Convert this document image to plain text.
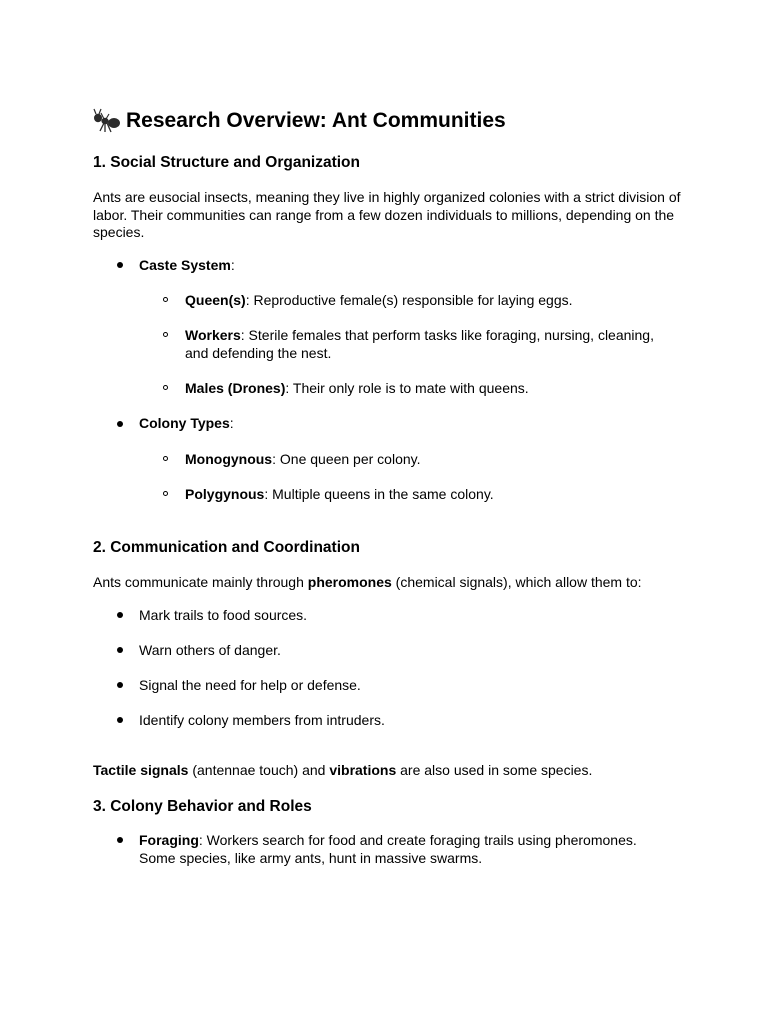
Research Overview: Ant Communities
1. Social Structure and Organization
Ants are eusocial insects, meaning they live in highly organized colonies with a strict division of labor. Their communities can range from a few dozen individuals to millions, depending on the species.
Caste System:
Queen(s): Reproductive female(s) responsible for laying eggs.
Workers: Sterile females that perform tasks like foraging, nursing, cleaning, and defending the nest.
Males (Drones): Their only role is to mate with queens.
Colony Types:
Monogynous: One queen per colony.
Polygynous: Multiple queens in the same colony.
2. Communication and Coordination
Ants communicate mainly through pheromones (chemical signals), which allow them to:
Mark trails to food sources.
Warn others of danger.
Signal the need for help or defense.
Identify colony members from intruders.
Tactile signals (antennae touch) and vibrations are also used in some species.
3. Colony Behavior and Roles
Foraging: Workers search for food and create foraging trails using pheromones. Some species, like army ants, hunt in massive swarms.
